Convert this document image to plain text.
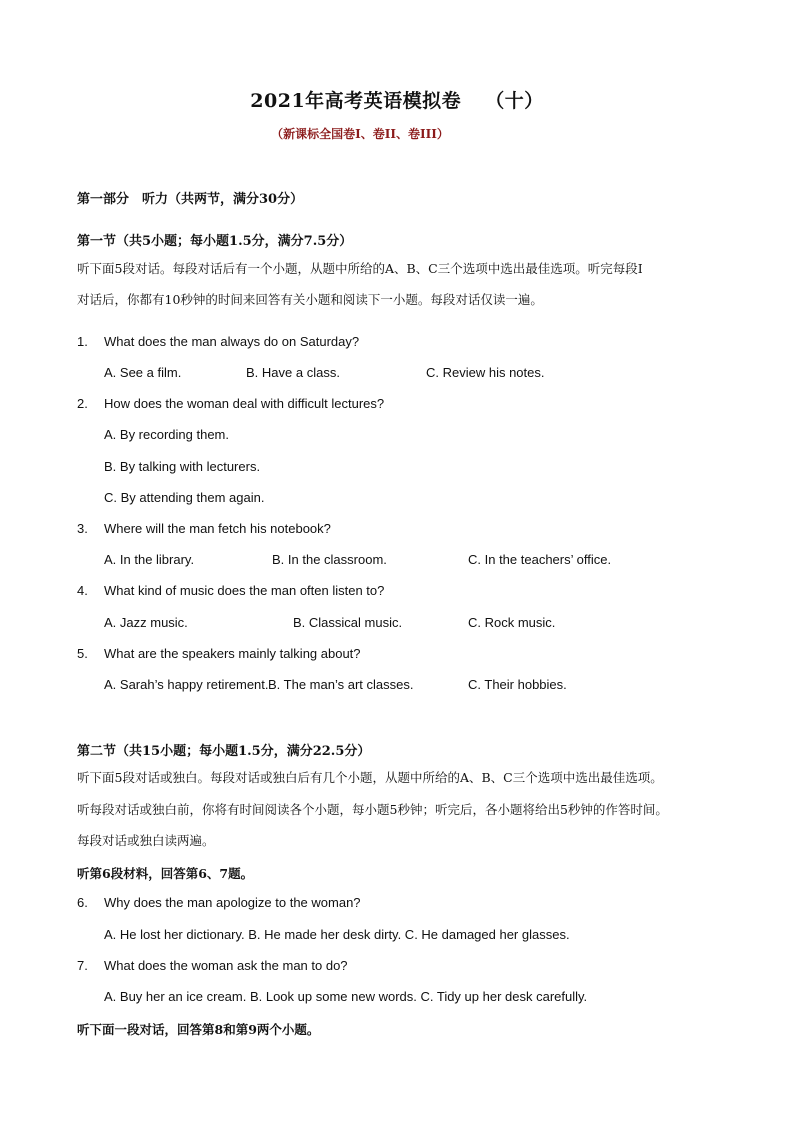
2021年高考英语模拟卷 （十）
（新课标全国卷I、卷II、卷III）
第一部分　听力（共两节，满分30分）
第一节（共5小题；每小题1.5分，满分7.5分）
听下面5段对话。每段对话后有一个小题，从题中所给的A、B、C三个选项中选出最佳选项。听完每段I
对话后，你都有10秒钟的时间来回答有关小题和阅读下一小题。每段对话仅读一遍。
1. What does the man always do on Saturday?
A. See a film.	B. Have a class.	C. Review his notes.
2. How does the woman deal with difficult lectures?
A. By recording them.
B. By talking with lecturers.
C. By attending them again.
3. Where will the man fetch his notebook?
A. In the library.	B. In the classroom.	C. In the teachers’ office.
4. What kind of music does the man often listen to?
A. Jazz music.	B. Classical music.	C. Rock music.
5. What are the speakers mainly talking about?
A. Sarah’s happy retirement. B. The man’s art classes.	C. Their hobbies.
第二节（共15小题；每小题1.5分，满分22.5分）
听下面5段对话或独白。每段对话或独白后有几个小题，从题中所给的A、B、C三个选项中选出最佳选项。
听每段对话或独白前，你将有时间阅读各个小题，每小题5秒钟；听完后，各小题将给出5秒钟的作答时间。
每段对话或独白读两遍。
听第6段材料，回答第6、7题。
6. Why does the man apologize to the woman?
A. He lost her dictionary. B. He made her desk dirty. C. He damaged her glasses.
7. What does the woman ask the man to do?
A. Buy her an ice cream. B. Look up some new words. C. Tidy up her desk carefully.
听下面一段对话，回答第8和第9两个小题。
